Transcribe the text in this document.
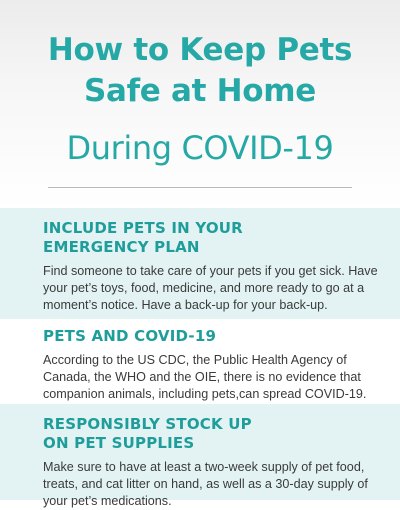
How to Keep Pets
Safe at Home
During COVID-19
INCLUDE PETS IN YOUR
EMERGENCY PLAN

Find someone to take care of your pets if you get sick. Have
your pet’s toys, food, medicine, and more ready to go at a
moment’s notice. Have a back-up for your back-up.

PETS AND COVID-19

According to the US CDC, the Public Health Agency of
Canada, the WHO and the OIE, there is no evidence that
companion animals, including pets,can spread COVID-19.

RESPONSIBLY STOCK UP
ON PET SUPPLIES

Make sure to have at least a two-week supply of pet food,
treats, and cat litter on hand, as well as a 30-day supply of
your pet’s medications.
